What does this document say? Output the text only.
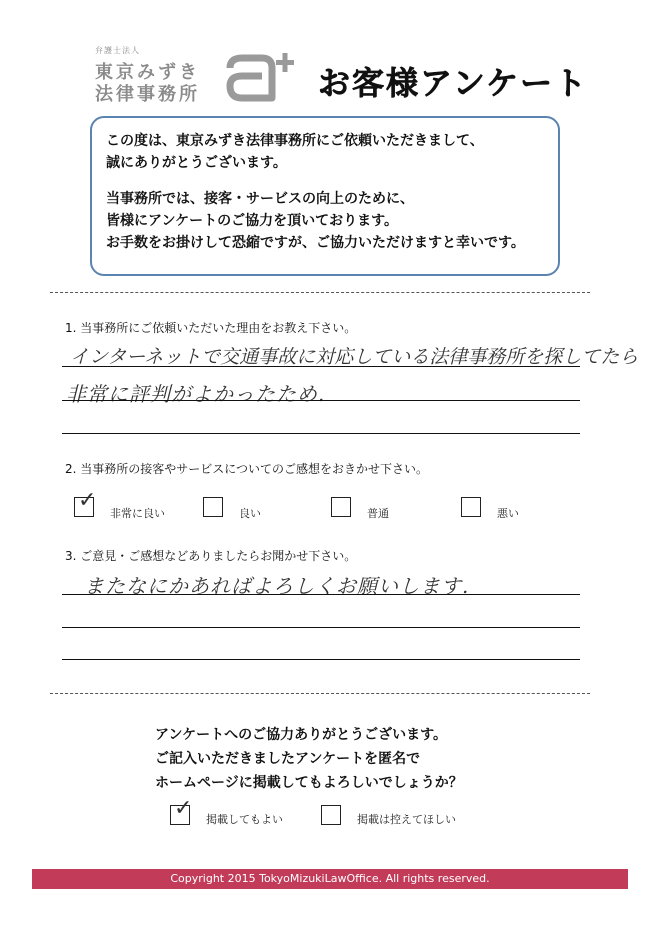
弁護士法人
東京みずき
法律事務所	お客様アンケート
この度は、東京みずき法律事務所にご依頼いただきまして、
誠にありがとうございます。
当事務所では、接客・サービスの向上のために、
皆様にアンケートのご協力を頂いております。
お手数をお掛けして恐縮ですが、ご協力いただけますと幸いです。
1. 当事務所にご依頼いただいた理由をお教え下さい。
インターネットで交通事故に対応している法律事務所を探してたら
非常に評判がよかったため.
2. 当事務所の接客やサービスについてのご感想をおきかせ下さい。
✓
非常に良い	良い	普通	悪い
3. ご意見・ご感想などありましたらお聞かせ下さい。
またなにかあればよろしくお願いします.
アンケートへのご協力ありがとうございます。
ご記入いただきましたアンケートを匿名で
ホームページに掲載してもよろしいでしょうか？
✓ 掲載してもよい	掲載は控えてほしい
Copyright 2015 TokyoMizukiLawOffice. All rights reserved.
